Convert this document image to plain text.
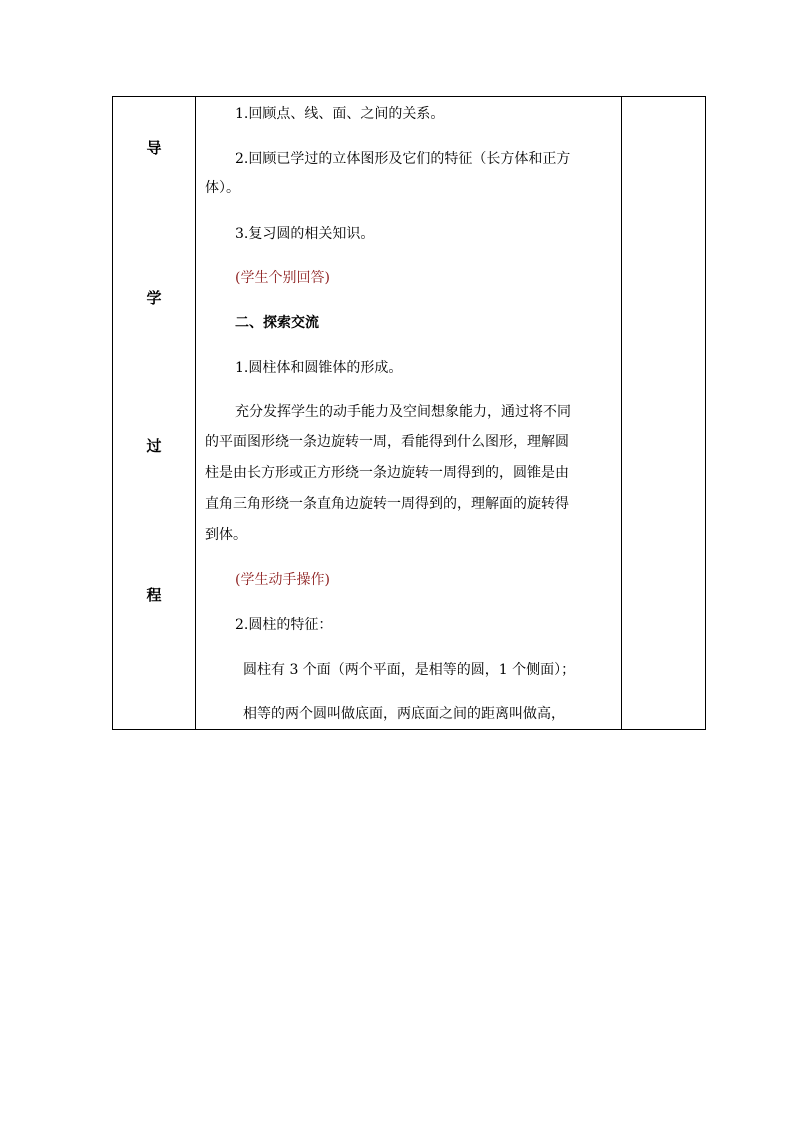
导
学
过
程
1.回顾点、线、面、之间的关系。
2.回顾已学过的立体图形及它们的特征（长方体和正方
体）。
3.复习圆的相关知识。
(学生个别回答)
二、探索交流
1.圆柱体和圆锥体的形成。
充分发挥学生的动手能力及空间想象能力，通过将不同
的平面图形绕一条边旋转一周，看能得到什么图形，理解圆
柱是由长方形或正方形绕一条边旋转一周得到的，圆锥是由
直角三角形绕一条直角边旋转一周得到的，理解面的旋转得
到体。
(学生动手操作)
2.圆柱的特征：
圆柱有 3 个面（两个平面，是相等的圆，1 个侧面）；
相等的两个圆叫做底面，两底面之间的距离叫做高，
